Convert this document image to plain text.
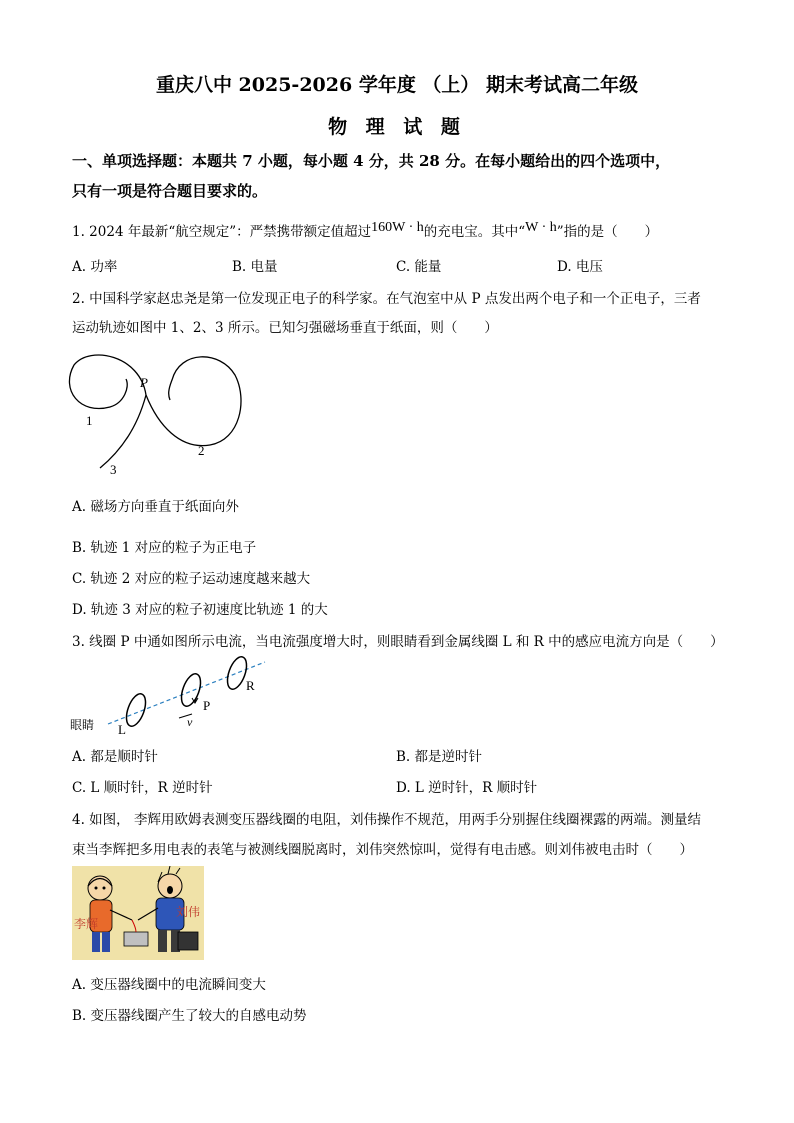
重庆八中 2025-2026 学年度 （上） 期末考试高二年级
物 理 试 题
一、单项选择题：本题共 7 小题，每小题 4 分，共 28 分。在每小题给出的四个选项中，
只有一项是符合题目要求的。
1. 2024 年最新“航空规定”：严禁携带额定值超过160W · h的充电宝。其中“W · h”指的是（　　）
A. 功率	B. 电量	C. 能量	D. 电压
2. 中国科学家赵忠尧是第一位发现正电子的科学家。在气泡室中从 P 点发出两个电子和一个正电子，三者
运动轨迹如图中 1、2、3 所示。已知匀强磁场垂直于纸面，则（　　）
P
1
2
3
A. 磁场方向垂直于纸面向外
B. 轨迹 1 对应的粒子为正电子
C. 轨迹 2 对应的粒子运动速度越来越大
D. 轨迹 3 对应的粒子初速度比轨迹 1 的大
3. 线圈 P 中通如图所示电流，当电流强度增大时，则眼睛看到金属线圈 L 和 R 中的感应电流方向是（　　）
眼睛 L
P
R
v
A. 都是顺时针	B. 都是逆时针
C. L 顺时针，R 逆时针	D. L 逆时针，R 顺时针
4. 如图， 李辉用欧姆表测变压器线圈的电阻，刘伟操作不规范，用两手分别握住线圈裸露的两端。测量结
束当李辉把多用电表的表笔与被测线圈脱离时，刘伟突然惊叫，觉得有电击感。则刘伟被电击时（　　）
李辉
刘伟
A. 变压器线圈中的电流瞬间变大
B. 变压器线圈产生了较大的自感电动势
